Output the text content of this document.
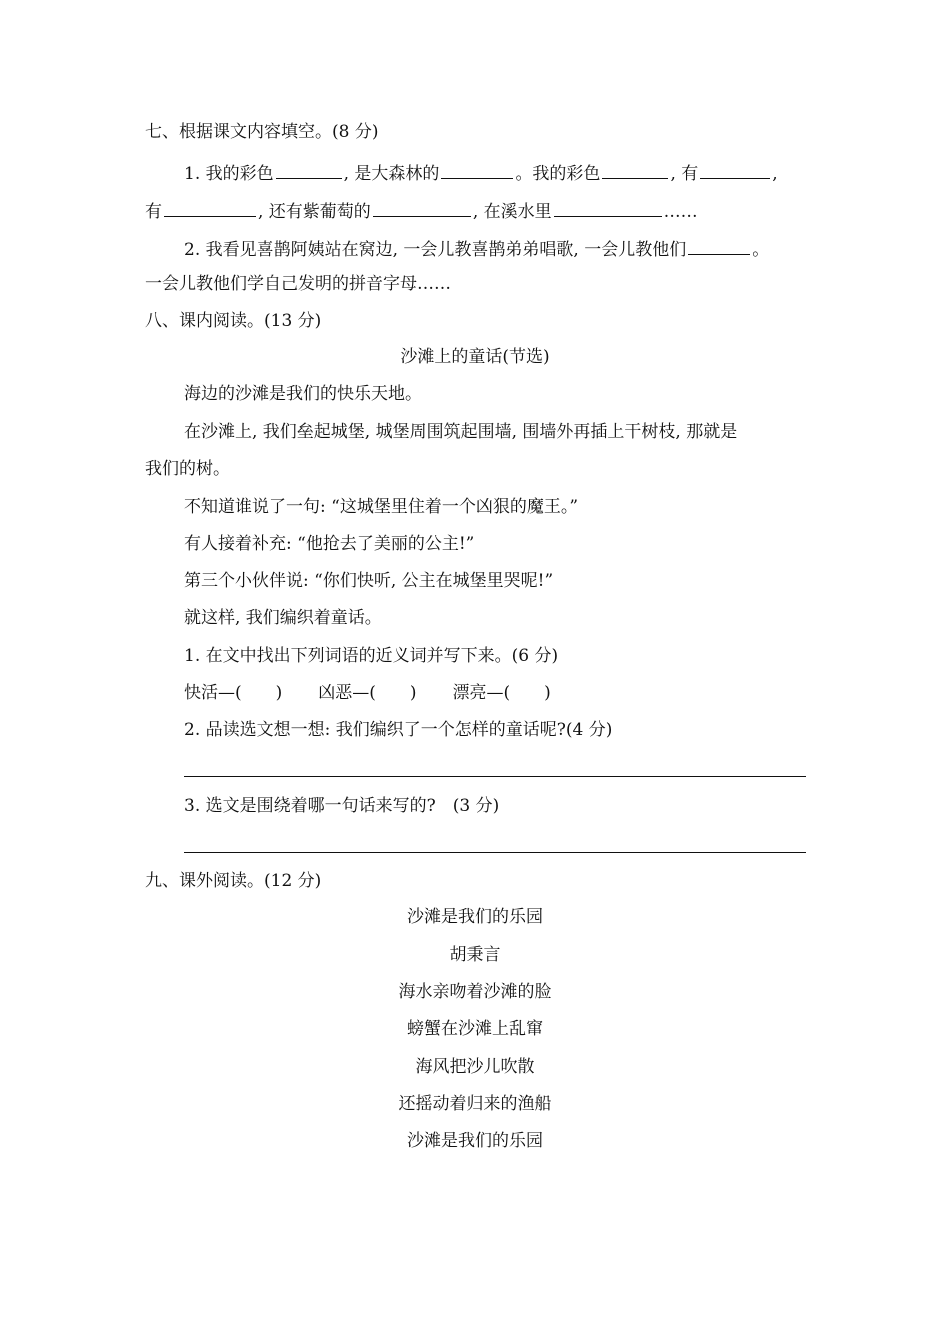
七、根据课文内容填空。(8 分)
1. 我的彩色	, 是大森林的	。我的彩色	, 有	,
有	, 还有紫葡萄的	, 在溪水里	……
2. 我看见喜鹊阿姨站在窝边, 一会儿教喜鹊弟弟唱歌, 一会儿教他们	。
一会儿教他们学自己发明的拼音字母……
八、课内阅读。(13 分)
沙滩上的童话(节选)
海边的沙滩是我们的快乐天地。
在沙滩上, 我们垒起城堡, 城堡周围筑起围墙, 围墙外再插上干树枝, 那就是
我们的树。
不知道谁说了一句: “这城堡里住着一个凶狠的魔王。”
有人接着补充: “他抢去了美丽的公主!”
第三个小伙伴说: “你们快听, 公主在城堡里哭呢!”
就这样, 我们编织着童话。
1. 在文中找出下列词语的近义词并写下来。(6 分)
快活—(　　) 凶恶—(　　) 漂亮—(　　)
2. 品读选文想一想: 我们编织了一个怎样的童话呢?(4 分)
3. 选文是围绕着哪一句话来写的?　(3 分)
九、课外阅读。(12 分)
沙滩是我们的乐园
胡秉言
海水亲吻着沙滩的脸
螃蟹在沙滩上乱窜
海风把沙儿吹散
还摇动着归来的渔船
沙滩是我们的乐园
